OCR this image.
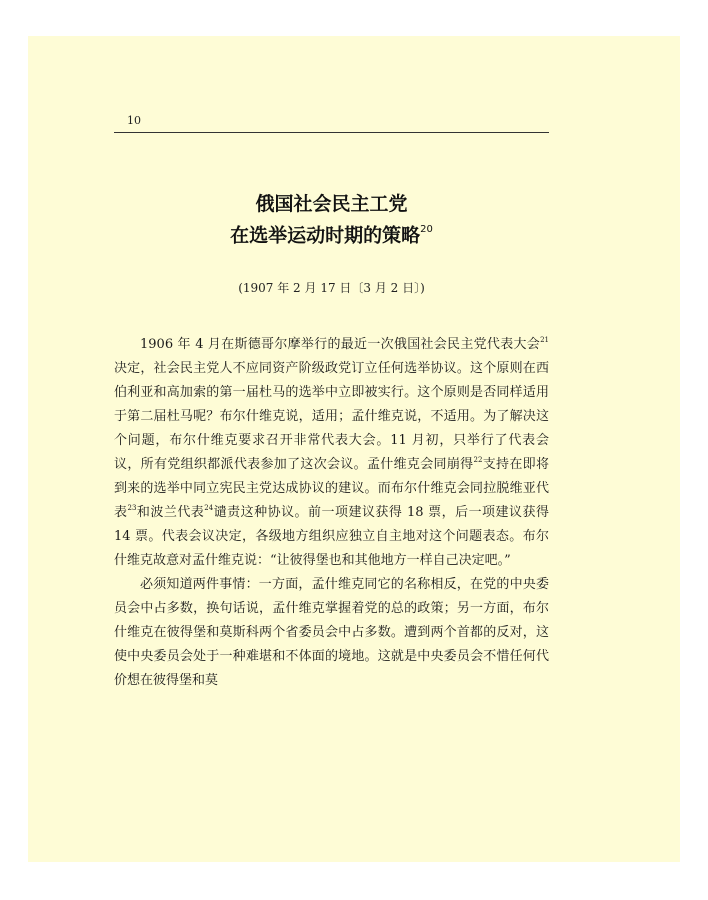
10
俄国社会民主工党
在选举运动时期的策略$^{20}$
(1907 年 2 月 17 日〔3 月 2 日〕)

1906 年 4 月在斯德哥尔摩举行的最近一次俄国社会民主党代表大会$^{21}$决定，社会民主党人不应同资产阶级政党订立任何选举协议。这个原则在西伯利亚和高加索的第一届杜马的选举中立即被实行。这个原则是否同样适用于第二届杜马呢？布尔什维克说，适用；孟什维克说，不适用。为了解决这个问题，布尔什维克要求召开非常代表大会。11 月初，只举行了代表会议，所有党组织都派代表参加了这次会议。孟什维克会同崩得$^{22}$支持在即将到来的选举中同立宪民主党达成协议的建议。而布尔什维克会同拉脱维亚代表$^{23}$和波兰代表$^{24}$谴责这种协议。前一项建议获得 18 票，后一项建议获得 14 票。代表会议决定，各级地方组织应独立自主地对这个问题表态。布尔什维克故意对孟什维克说：“让彼得堡也和其他地方一样自己决定吧。”

必须知道两件事情：一方面，孟什维克同它的名称相反，在党的中央委员会中占多数，换句话说，孟什维克掌握着党的总的政策；另一方面，布尔什维克在彼得堡和莫斯科两个省委员会中占多数。遭到两个首都的反对，这使中央委员会处于一种难堪和不体面的境地。这就是中央委员会不惜任何代价想在彼得堡和莫
